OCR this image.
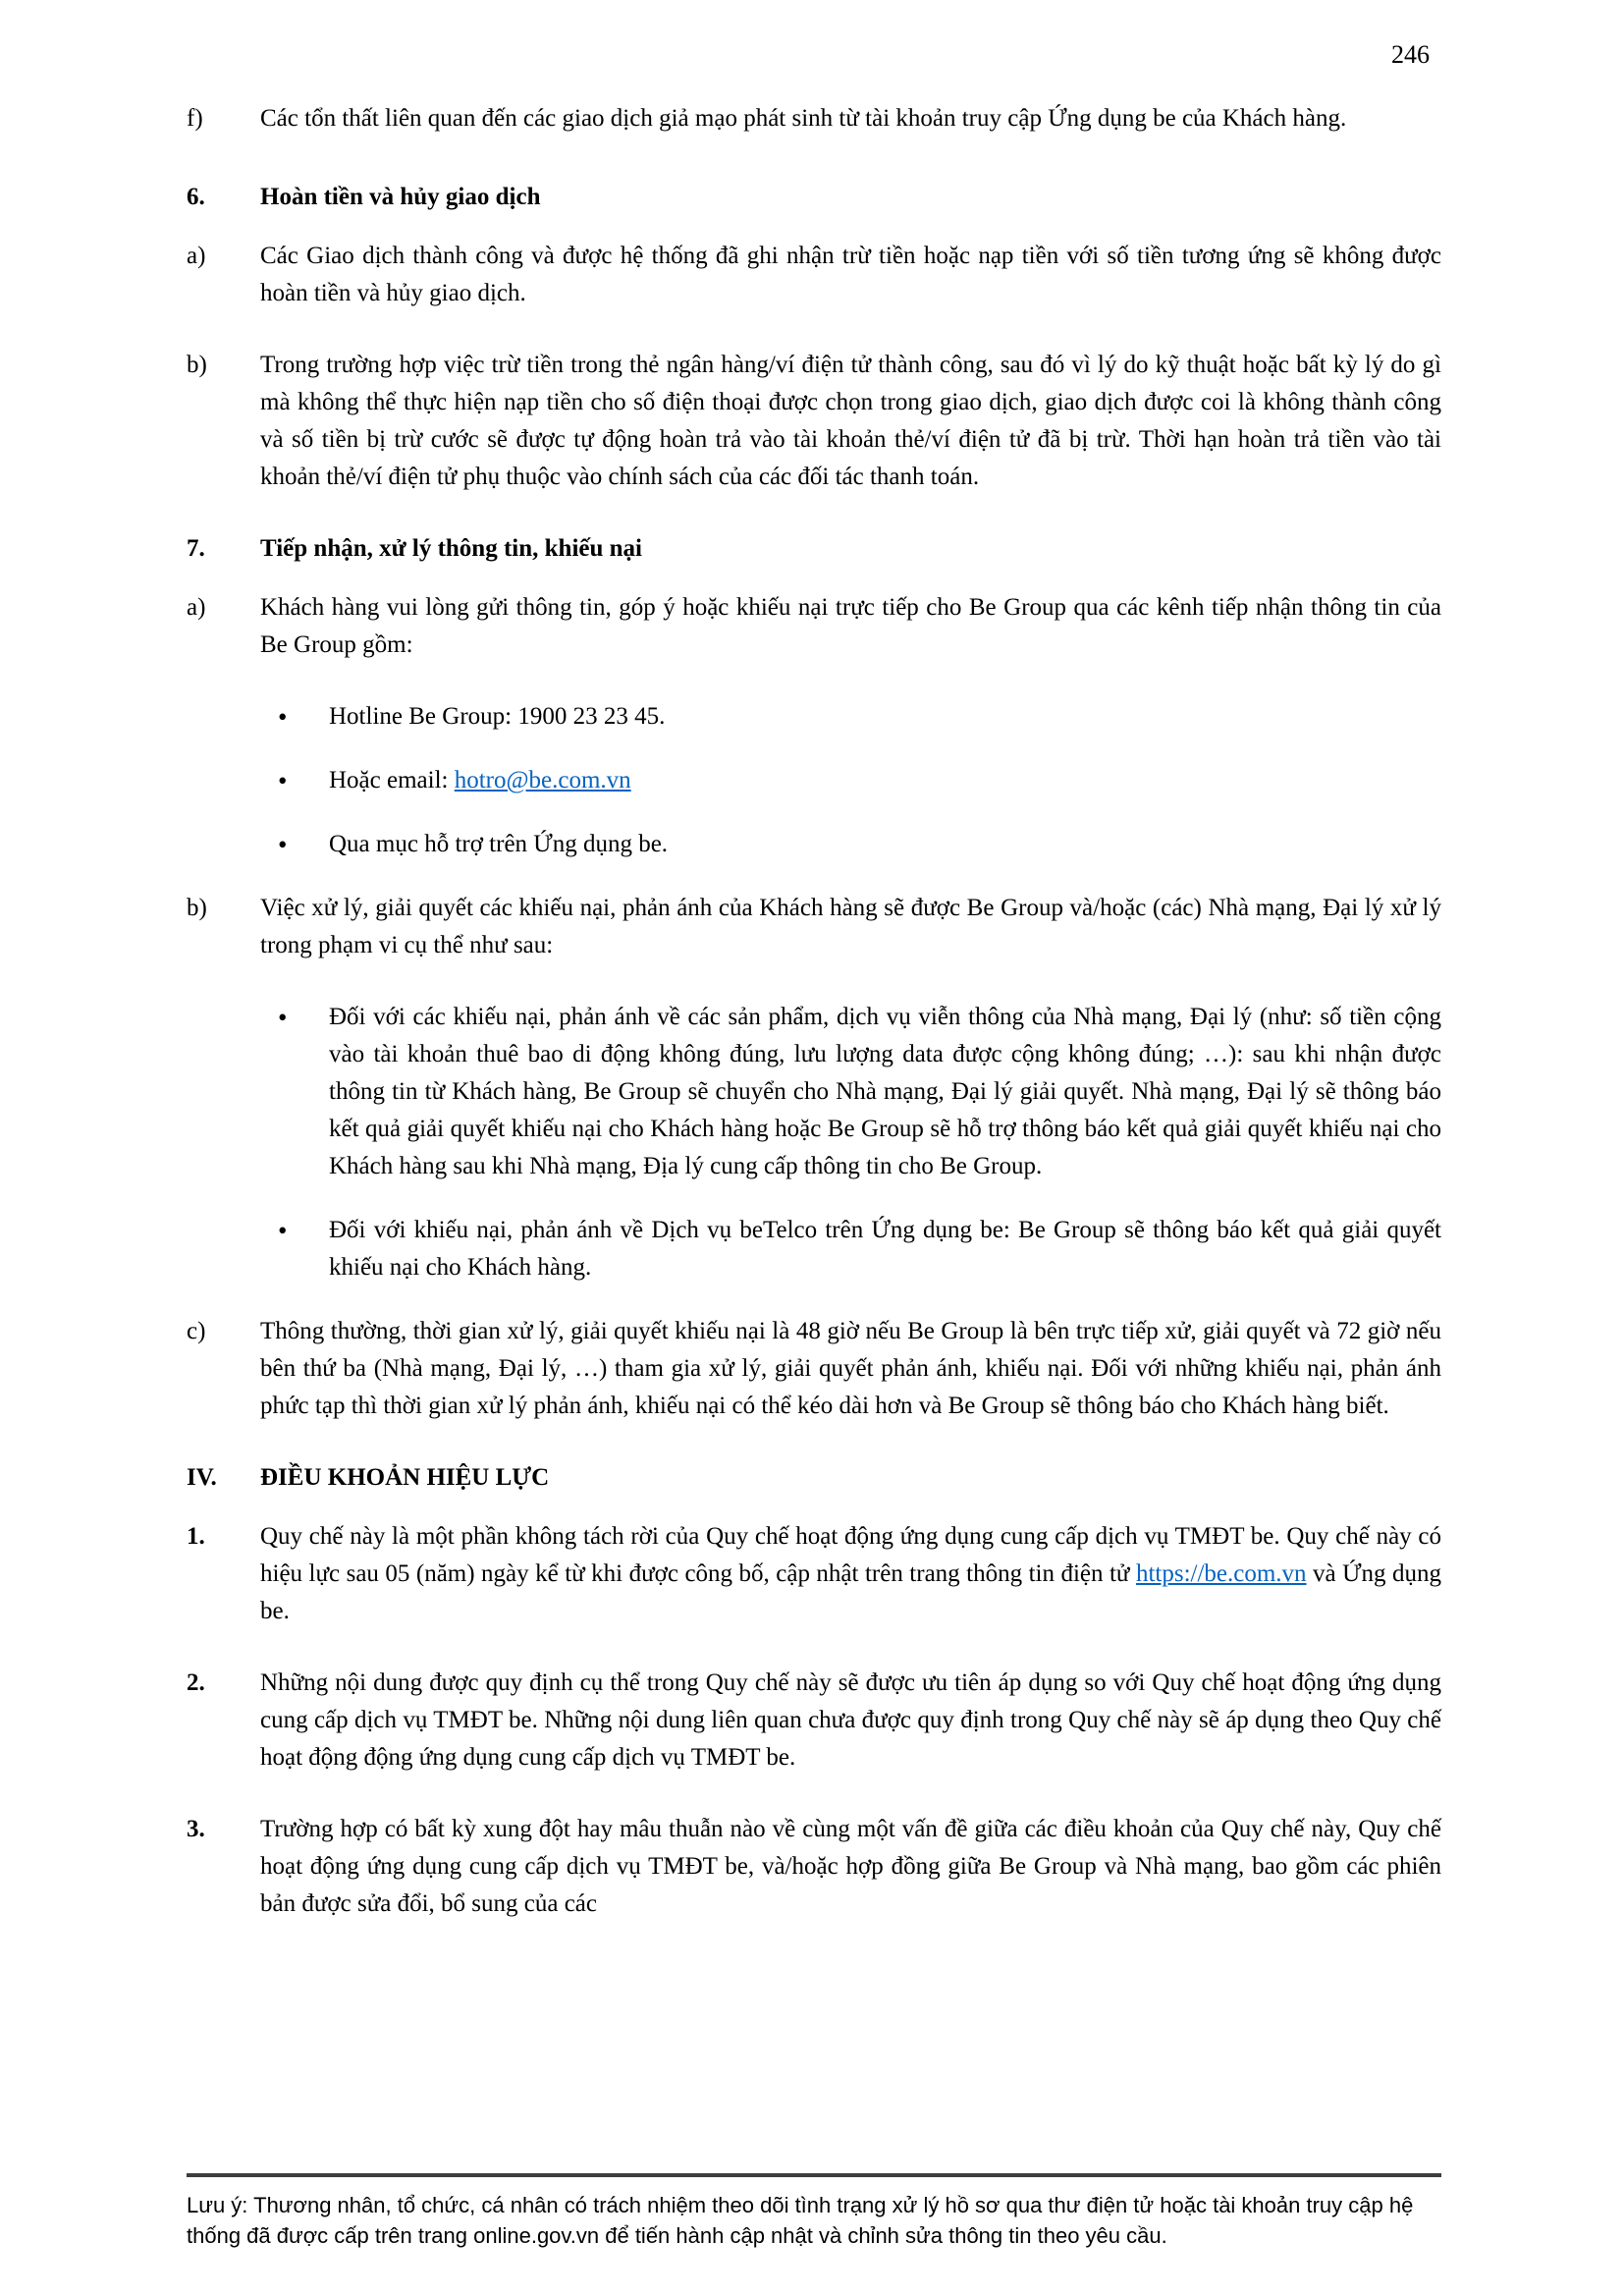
246
f)	Các tổn thất liên quan đến các giao dịch giả mạo phát sinh từ tài khoản truy cập Ứng dụng be của Khách hàng.
6.	Hoàn tiền và hủy giao dịch
a)	Các Giao dịch thành công và được hệ thống đã ghi nhận trừ tiền hoặc nạp tiền với số tiền tương ứng sẽ không được hoàn tiền và hủy giao dịch.
b)	Trong trường hợp việc trừ tiền trong thẻ ngân hàng/ví điện tử thành công, sau đó vì lý do kỹ thuật hoặc bất kỳ lý do gì mà không thể thực hiện nạp tiền cho số điện thoại được chọn trong giao dịch, giao dịch được coi là không thành công và số tiền bị trừ cước sẽ được tự động hoàn trả vào tài khoản thẻ/ví điện tử đã bị trừ. Thời hạn hoàn trả tiền vào tài khoản thẻ/ví điện tử phụ thuộc vào chính sách của các đối tác thanh toán.
7.	Tiếp nhận, xử lý thông tin, khiếu nại
a)	Khách hàng vui lòng gửi thông tin, góp ý hoặc khiếu nại trực tiếp cho Be Group qua các kênh tiếp nhận thông tin của Be Group gồm:
•	Hotline Be Group: 1900 23 23 45.
•	Hoặc email: hotro@be.com.vn
•	Qua mục hỗ trợ trên Ứng dụng be.
b)	Việc xử lý, giải quyết các khiếu nại, phản ánh của Khách hàng sẽ được Be Group và/hoặc (các) Nhà mạng, Đại lý xử lý trong phạm vi cụ thể như sau:
•	Đối với các khiếu nại, phản ánh về các sản phẩm, dịch vụ viễn thông của Nhà mạng, Đại lý (như: số tiền cộng vào tài khoản thuê bao di động không đúng, lưu lượng data được cộng không đúng; …): sau khi nhận được thông tin từ Khách hàng, Be Group sẽ chuyển cho Nhà mạng, Đại lý giải quyết. Nhà mạng, Đại lý sẽ thông báo kết quả giải quyết khiếu nại cho Khách hàng hoặc Be Group sẽ hỗ trợ thông báo kết quả giải quyết khiếu nại cho Khách hàng sau khi Nhà mạng, Địa lý cung cấp thông tin cho Be Group.
•	Đối với khiếu nại, phản ánh về Dịch vụ beTelco trên Ứng dụng be: Be Group sẽ thông báo kết quả giải quyết khiếu nại cho Khách hàng.
c)	Thông thường, thời gian xử lý, giải quyết khiếu nại là 48 giờ nếu Be Group là bên trực tiếp xử, giải quyết và 72 giờ nếu bên thứ ba (Nhà mạng, Đại lý, …) tham gia xử lý, giải quyết phản ánh, khiếu nại. Đối với những khiếu nại, phản ánh phức tạp thì thời gian xử lý phản ánh, khiếu nại có thể kéo dài hơn và Be Group sẽ thông báo cho Khách hàng biết.
IV.	ĐIỀU KHOẢN HIỆU LỰC
1.	Quy chế này là một phần không tách rời của Quy chế hoạt động ứng dụng cung cấp dịch vụ TMĐT be. Quy chế này có hiệu lực sau 05 (năm) ngày kể từ khi được công bố, cập nhật trên trang thông tin điện tử https://be.com.vn và Ứng dụng be.
2.	Những nội dung được quy định cụ thể trong Quy chế này sẽ được ưu tiên áp dụng so với Quy chế hoạt động ứng dụng cung cấp dịch vụ TMĐT be. Những nội dung liên quan chưa được quy định trong Quy chế này sẽ áp dụng theo Quy chế hoạt động động ứng dụng cung cấp dịch vụ TMĐT be.
3.	Trường hợp có bất kỳ xung đột hay mâu thuẫn nào về cùng một vấn đề giữa các điều khoản của Quy chế này, Quy chế hoạt động ứng dụng cung cấp dịch vụ TMĐT be, và/hoặc hợp đồng giữa Be Group và Nhà mạng, bao gồm các phiên bản được sửa đổi, bổ sung của các
Lưu ý: Thương nhân, tổ chức, cá nhân có trách nhiệm theo dõi tình trạng xử lý hồ sơ qua thư điện tử hoặc tài khoản truy cập hệ thống đã được cấp trên trang online.gov.vn để tiến hành cập nhật và chỉnh sửa thông tin theo yêu cầu.
